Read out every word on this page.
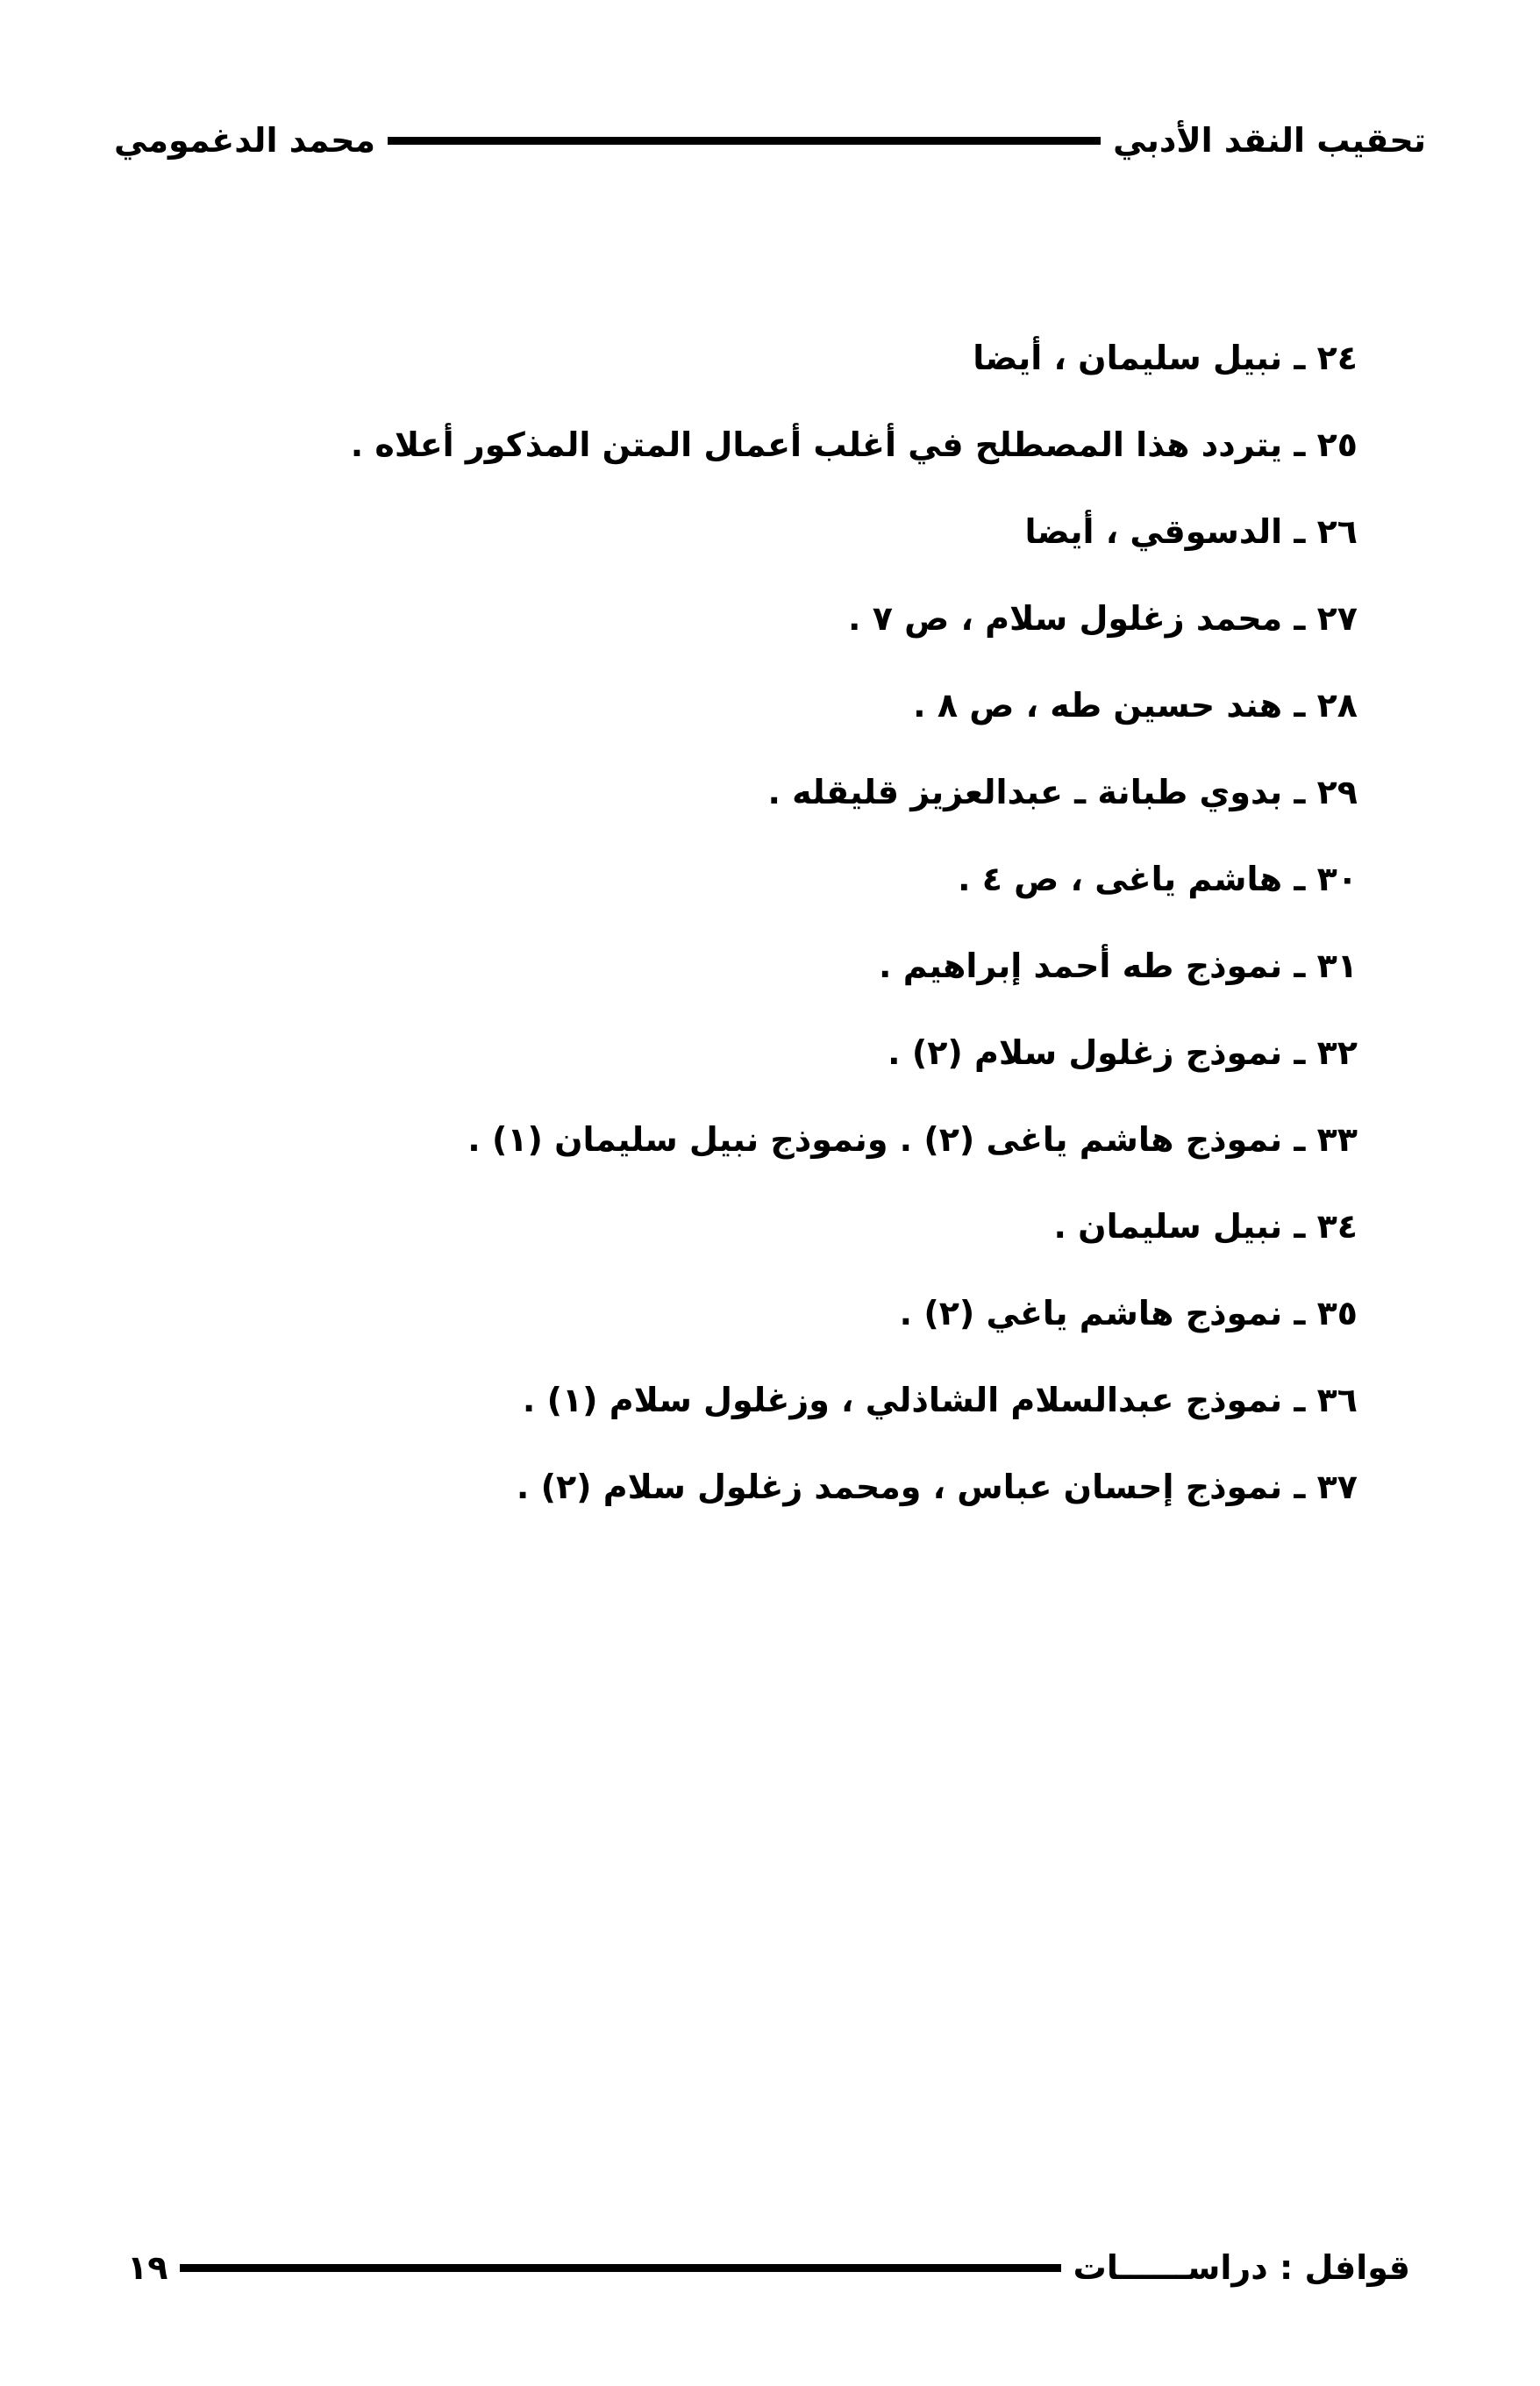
تحقيب النقد الأدبي
محمد الدغمومي
٢٤ ـ نبيل سليمان ، أيضا
٢٥ ـ يتردد هذا المصطلح في أغلب أعمال المتن المذكور أعلاه .
٢٦ ـ الدسوقي ، أيضا
٢٧ ـ محمد زغلول سلام ، ص ٧ .
٢٨ ـ هند حسين طه ، ص ٨ .
٢٩ ـ بدوي طبانة ـ عبدالعزيز قليقله .
٣٠ ـ هاشم ياغى ، ص ٤ .
٣١ ـ نموذج طه أحمد إبراهيم .
٣٢ ـ نموذج زغلول سلام (٢) .
٣٣ ـ نموذج هاشم ياغى (٢) . ونموذج نبيل سليمان (١) .
٣٤ ـ نبيل سليمان .
٣٥ ـ نموذج هاشم ياغي (٢) .
٣٦ ـ نموذج عبدالسلام الشاذلي ، وزغلول سلام (١) .
٣٧ ـ نموذج إحسان عباس ، ومحمد زغلول سلام (٢) .
قوافل : دراســــــات
١٩
